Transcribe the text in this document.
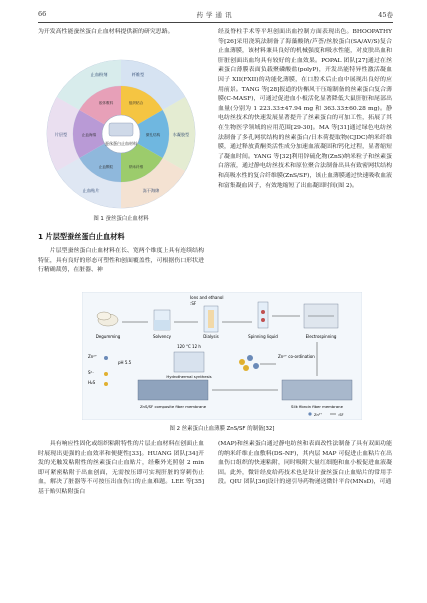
66	药学通讯	45卷
为开发高性能蚕丝蛋白止血材料提供新的研究思路。
蚕丝蛋白止血材料
纤维型
水凝胶型
冻干海绵
止血贴片
片层型
止血粉剂
组织粘合
微孔结构
纳米纤维
止血颗粒
止血海绵
胶体敷料
图 1 蚕丝蛋白止血材料
1 片层型蚕丝蛋白止血材料
片层型蚕丝蛋白止血材料在长、宽两个维度上具有连续结构特征，具有良好的形态可塑性和创面覆盖性，可根据伤口形状进行精确裁剪，在脏器、神
经及脊柱手术等平坦创面出血控制方面表现出色。BHOOPATHY 等[26]采用浇筑法制备了海藻酸钠/芦荟/丝胶蛋白(SA/AV/S)复合止血薄膜，该材料兼具良好的机械强度和吸水性能，对皮肤出血和肝脏创面出血均具有较好的止血效果。POPAL 团队[27]通过在丝素蛋白薄膜表面负载聚磷酸盐(polyP)，开发出能特异性激活凝血因子 XII(FXII)的功能化薄膜，在口腔术后止血中展现出良好的应用前景。TANG 等[28]报道的仿槲风干压缩制备的丝素蛋白复合薄膜(C-MASF)，可通过促进血小板活化显著降低大鼠肝脏和尾部出血量(分别为 1 223.33±47.94 mg 和 363.33±60.28 mg)。静电纺丝技术的快速发展显著提升了丝素蛋白的可加工性，拓展了其在生物医学领域的应用范围[29-30]。MA 等[31]通过绿色电纺丝法制备了多孔网状结构的丝素蛋白/日本荷提取物(CJDC)纳米纤维膜，通过释放黄酮类活性成分加速血液凝固和钙化过程，显著缩短了凝血时间。YANG 等[32]利用锌硫化物(ZnS)纳米粒子和丝素蛋白溶液，通过静电纺丝技术和原位聚合法制备出具有致密网状结构和高吸水性的复合纤维膜(ZnS/SF)，该止血薄膜通过快速吸收血液和富集凝血因子，有效地缩短了出血凝固时间(图 2)。
Ions and ethanol
:SF
Degumming	Solvency	Dialysis	Spinning liquid	Electrospinning
Zn²⁺
pH 5.5
S²⁻
H₂S
120 °C 12 h
Hydrothermal synthesis
Zn²⁺ co-ordination
ZnS/SF composite fiber membrane	Silk fibroin fiber membrane
Zn²⁺	:SF
图 2 丝素蛋白止血薄膜 ZnS/SF 的制备[32]
具有响应性固化或组织粘附特性的片层止血材料在创面止血时展现出更强的止血效率和便捷性[33]。HUANG 团队[34]开发的光触发粘附性的丝素蛋白止血贴片，经紫外光照射 2 min 即可紧密粘附于出血创面，无需按压即可实现肝脏的穿刺伤止血，解决了脏器等不可按压出血伤口的止血难题。LEE 等[35]基于贻贝粘附蛋白
(MAP)和丝素蛋白通过静电纺丝和表面改性法制备了具有双面功能的纳米纤维止血敷料(DS-NF)，其内层 MAP 可促进止血粘片在出血伤口组织的快速粘附，同时吸附大量红细胞和血小板促进血液凝固。此外，微针经皮给药技术也是设计蚕丝蛋白止血贴片的常用手段。QIU 团队[36]设计的递引导药物递送微针平台(MNsD)，可通
